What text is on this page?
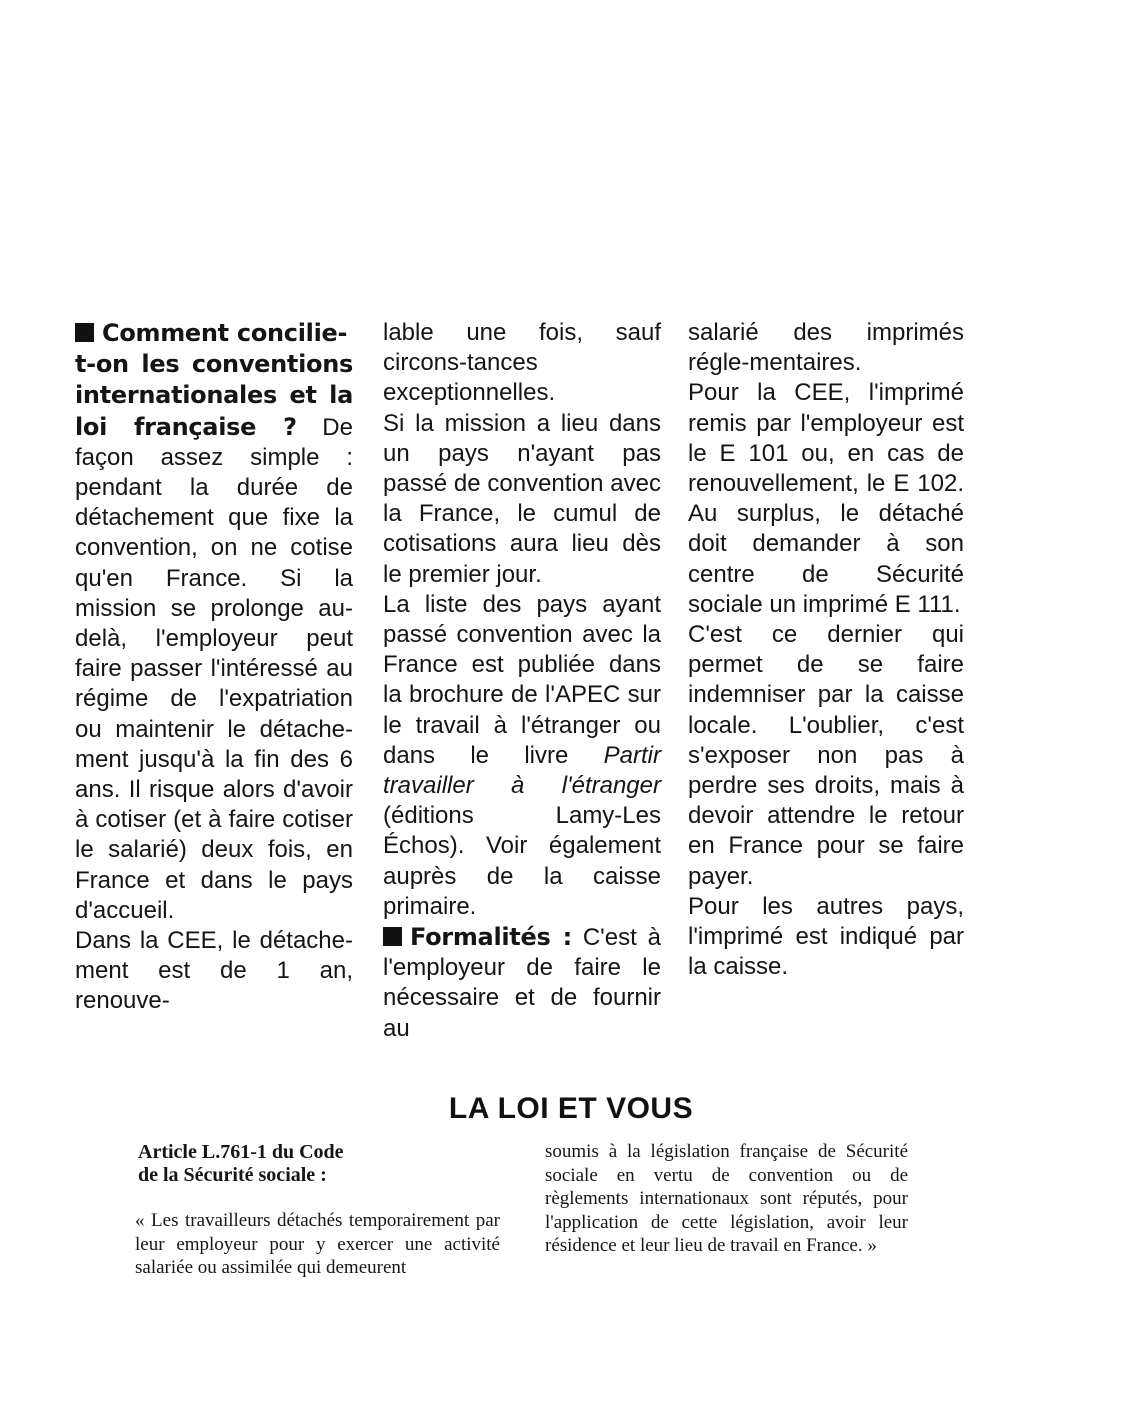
Comment concilie-
t-on les conventions internationales et la loi française ? De façon assez simple : pendant la durée de détachement que fixe la convention, on ne cotise qu'en France. Si la mission se prolonge au-delà, l'employeur peut faire passer l'intéressé au régime de l'expatriation ou maintenir le détache-ment jusqu'à la fin des 6 ans. Il risque alors d'avoir à cotiser (et à faire cotiser le salarié) deux fois, en France et dans le pays d'accueil.

Dans la CEE, le détache-ment est de 1 an, renouve-

lable une fois, sauf circons-tances exceptionnelles.

Si la mission a lieu dans un pays n'ayant pas passé de convention avec la France, le cumul de cotisations aura lieu dès le premier jour.

La liste des pays ayant passé convention avec la France est publiée dans la brochure de l'APEC sur le travail à l'étranger ou dans le livre Partir travailler à l'étranger (éditions Lamy-Les Échos). Voir également auprès de la caisse primaire.

Formalités : C'est à l'employeur de faire le nécessaire et de fournir au

salarié des imprimés régle-mentaires.

Pour la CEE, l'imprimé remis par l'employeur est le E 101 ou, en cas de renouvellement, le E 102. Au surplus, le détaché doit demander à son centre de Sécurité sociale un imprimé E 111.

C'est ce dernier qui permet de se faire indemniser par la caisse locale. L'oublier, c'est s'exposer non pas à perdre ses droits, mais à devoir attendre le retour en France pour se faire payer.

Pour les autres pays, l'imprimé est indiqué par la caisse.

LA LOI ET VOUS

Article L.761-1 du Code
de la Sécurité sociale :

« Les travailleurs détachés temporairement par leur employeur pour y exercer une activité salariée ou assimilée qui demeurent

soumis à la législation française de Sécurité sociale en vertu de convention ou de règlements internationaux sont réputés, pour l'application de cette législation, avoir leur résidence et leur lieu de travail en France. »
